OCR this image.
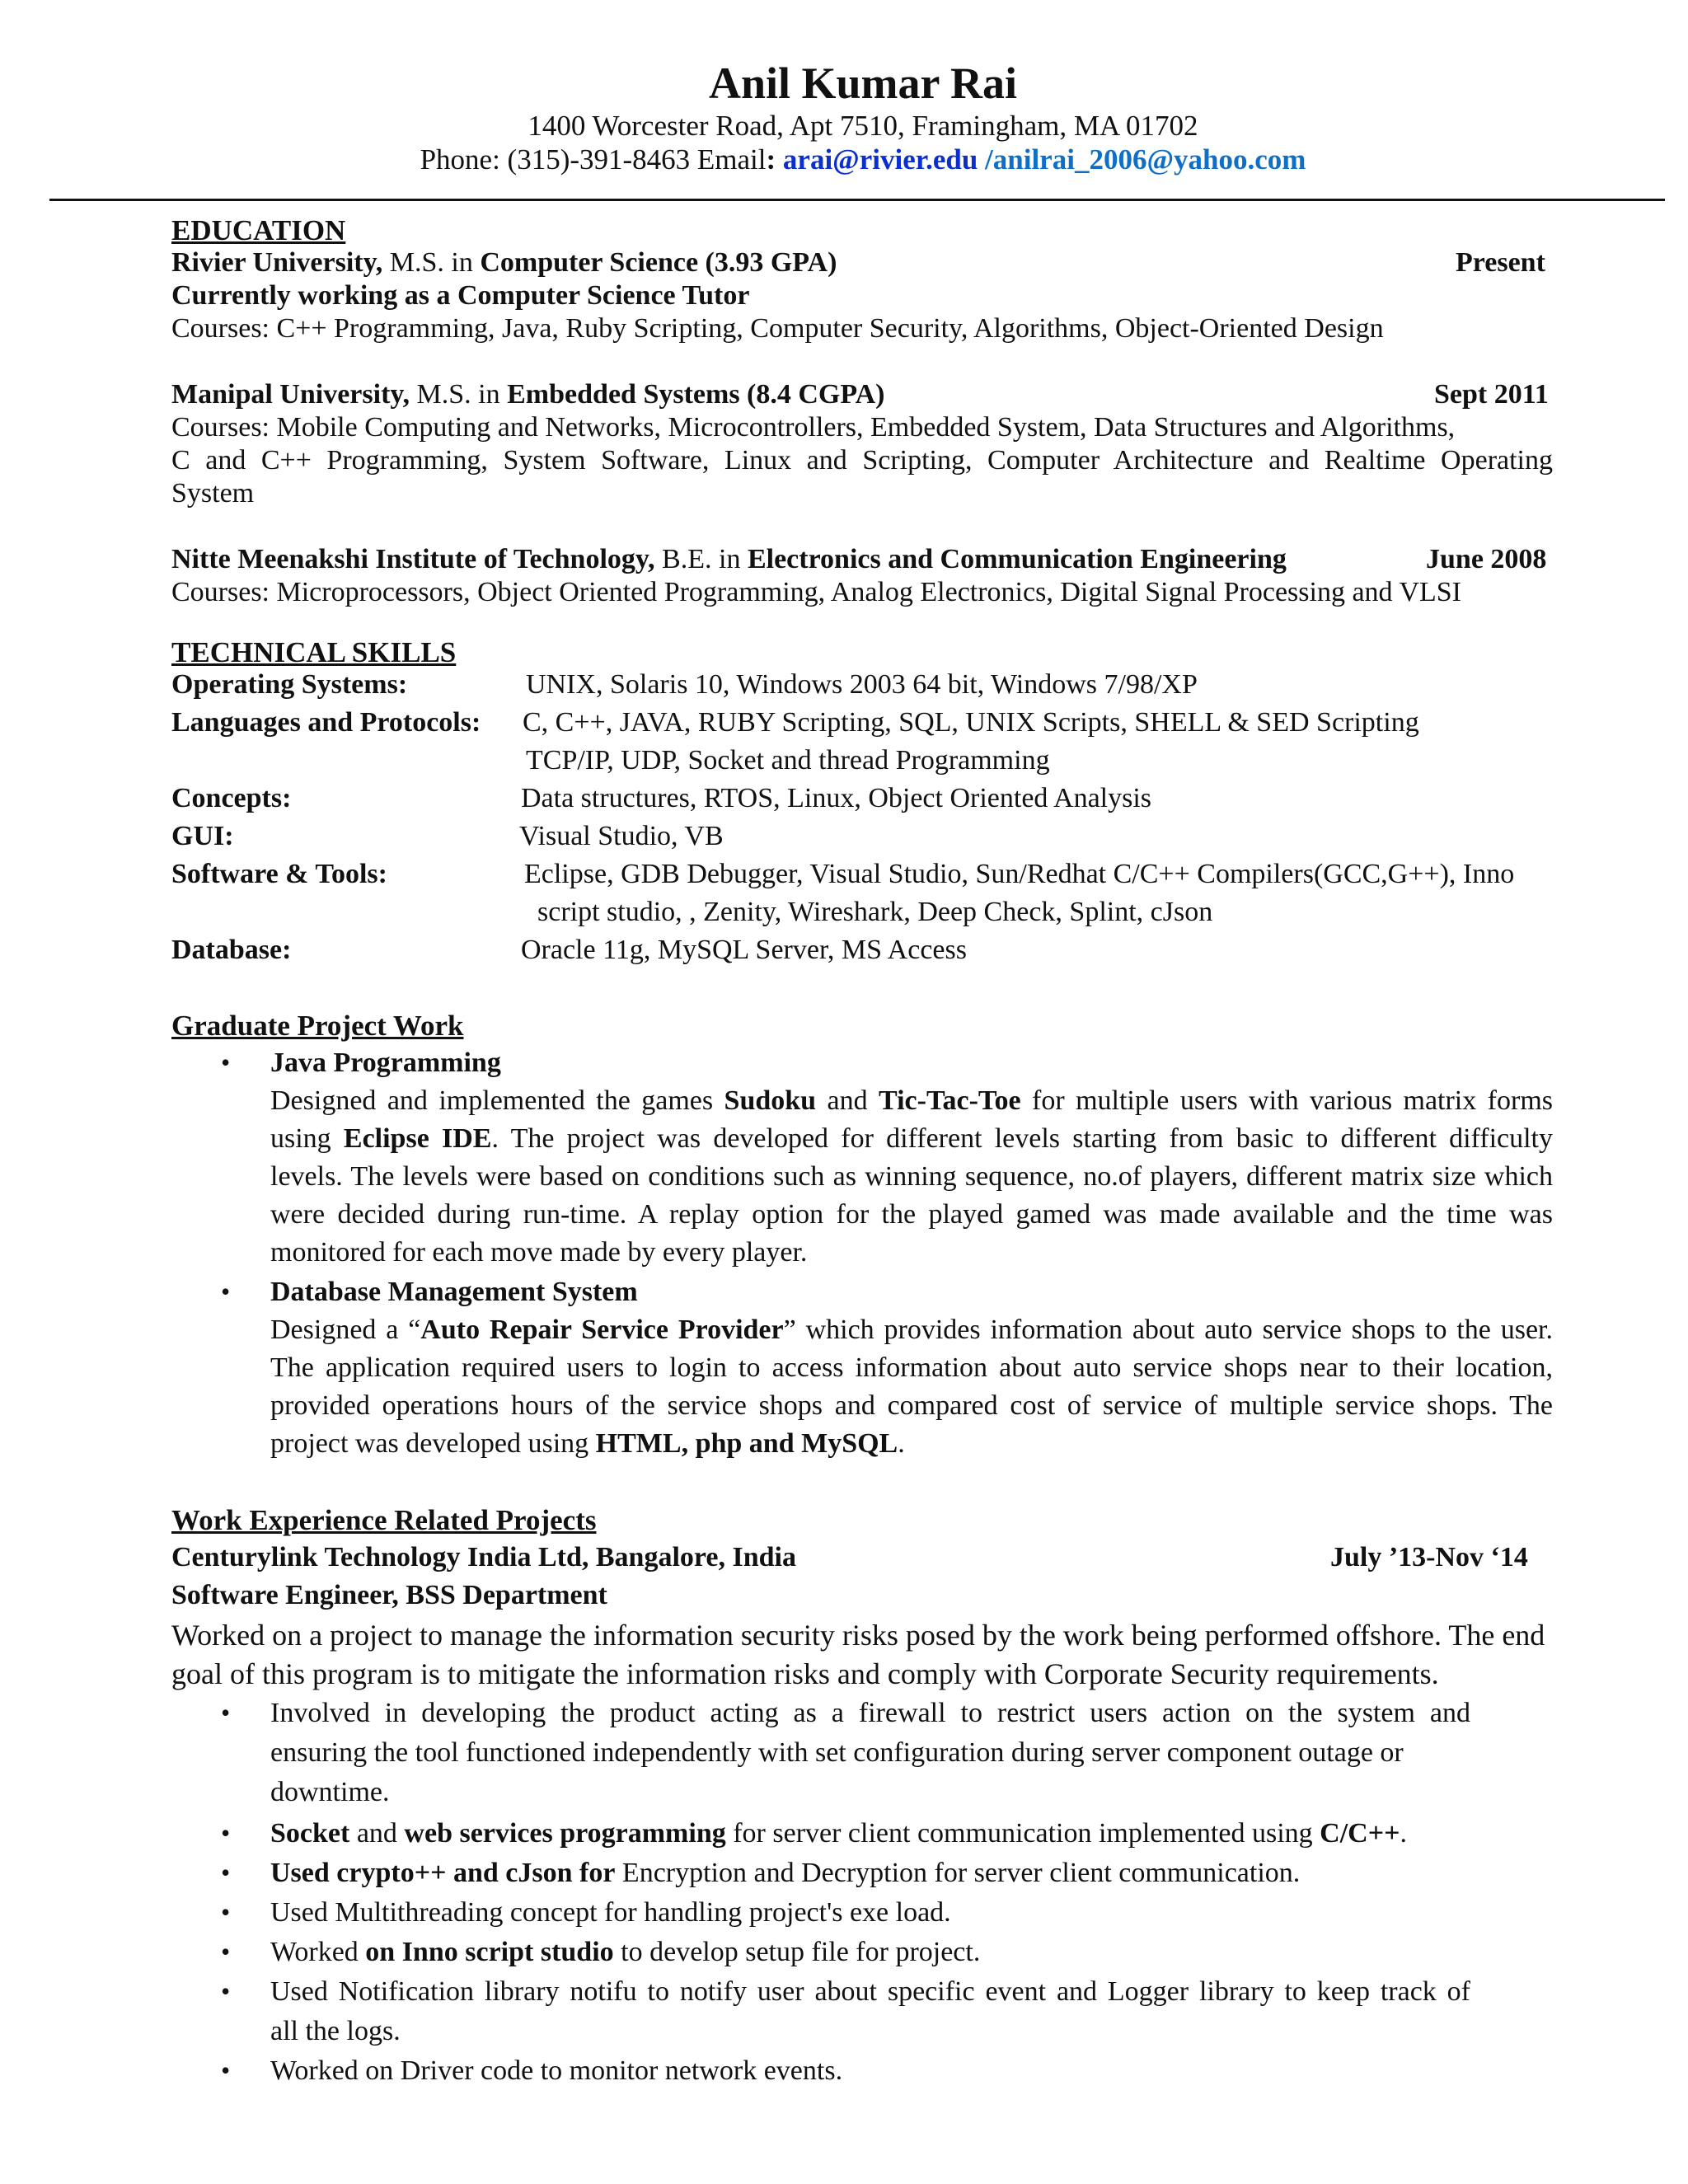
Anil Kumar Rai
1400 Worcester Road, Apt 7510, Framingham, MA 01702
Phone: (315)-391-8463 Email: arai@rivier.edu /anilrai_2006@yahoo.com
EDUCATION
Rivier University, M.S. in Computer Science (3.93 GPA)	Present
Currently working as a Computer Science Tutor
Courses: C++ Programming, Java, Ruby Scripting, Computer Security, Algorithms, Object-Oriented Design
Manipal University, M.S. in Embedded Systems (8.4 CGPA)	Sept 2011
Courses: Mobile Computing and Networks, Microcontrollers, Embedded System, Data Structures and Algorithms,
C and C++ Programming, System Software, Linux and Scripting, Computer Architecture and Realtime Operating
System
Nitte Meenakshi Institute of Technology, B.E. in Electronics and Communication Engineering	June 2008
Courses: Microprocessors, Object Oriented Programming, Analog Electronics, Digital Signal Processing and VLSI
TECHNICAL SKILLS
Operating Systems:	UNIX, Solaris 10, Windows 2003 64 bit, Windows 7/98/XP
Languages and Protocols: C, C++, JAVA, RUBY Scripting, SQL, UNIX Scripts, SHELL & SED Scripting
TCP/IP, UDP, Socket and thread Programming
Concepts:	Data structures, RTOS, Linux, Object Oriented Analysis
GUI:	Visual Studio, VB
Software & Tools:	Eclipse, GDB Debugger, Visual Studio, Sun/Redhat C/C++ Compilers(GCC,G++), Inno
script studio, , Zenity, Wireshark, Deep Check, Splint, cJson
Database:	Oracle 11g, MySQL Server, MS Access
Graduate Project Work
• Java Programming
Designed and implemented the games Sudoku and Tic-Tac-Toe for multiple users with various matrix forms
using Eclipse IDE. The project was developed for different levels starting from basic to different difficulty
levels. The levels were based on conditions such as winning sequence, no.of players, different matrix size which
were decided during run-time. A replay option for the played gamed was made available and the time was
monitored for each move made by every player.
• Database Management System
Designed a “Auto Repair Service Provider” which provides information about auto service shops to the user.
The application required users to login to access information about auto service shops near to their location,
provided operations hours of the service shops and compared cost of service of multiple service shops. The
project was developed using HTML, php and MySQL.
Work Experience Related Projects
Centurylink Technology India Ltd, Bangalore, India	July ’13-Nov ‘14
Software Engineer, BSS Department
Worked on a project to manage the information security risks posed by the work being performed offshore. The end
goal of this program is to mitigate the information risks and comply with Corporate Security requirements.
• Involved in developing the product acting as a firewall to restrict users action on the system and
ensuring the tool functioned independently with set configuration during server component outage or
downtime.
• Socket and web services programming for server client communication implemented using C/C++.
• Used crypto++ and cJson for Encryption and Decryption for server client communication.
• Used Multithreading concept for handling project's exe load.
• Worked on Inno script studio to develop setup file for project.
• Used Notification library notifu to notify user about specific event and Logger library to keep track of
all the logs.
• Worked on Driver code to monitor network events.
